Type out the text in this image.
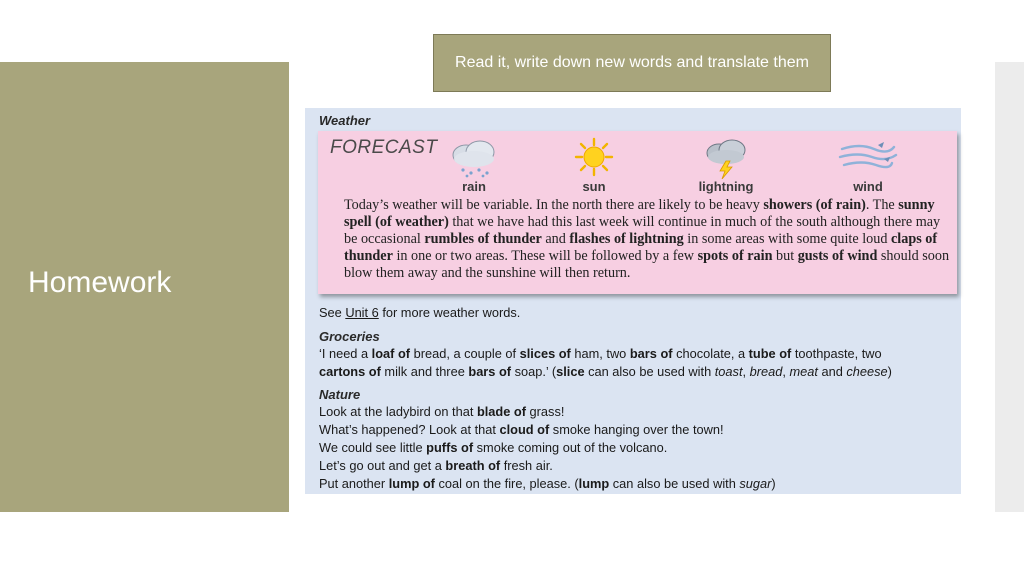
Homework
Read it, write down new words and translate them
Weather
FORECAST
rain	sun	lightning	wind
Today’s weather will be variable. In the north there are likely to be heavy showers (of rain). The sunny spell (of weather) that we have had this last week will continue in much of the south although there may be occasional rumbles of thunder and flashes of lightning in some areas with some quite loud claps of thunder in one or two areas. These will be followed by a few spots of rain but gusts of wind should soon blow them away and the sunshine will then return.
See Unit 6 for more weather words.
Groceries
‘I need a loaf of bread, a couple of slices of ham, two bars of chocolate, a tube of toothpaste, two cartons of milk and three bars of soap.’ (slice can also be used with toast, bread, meat and cheese)
Nature
Look at the ladybird on that blade of grass!
What’s happened? Look at that cloud of smoke hanging over the town!
We could see little puffs of smoke coming out of the volcano.
Let’s go out and get a breath of fresh air.
Put another lump of coal on the fire, please. (lump can also be used with sugar)
